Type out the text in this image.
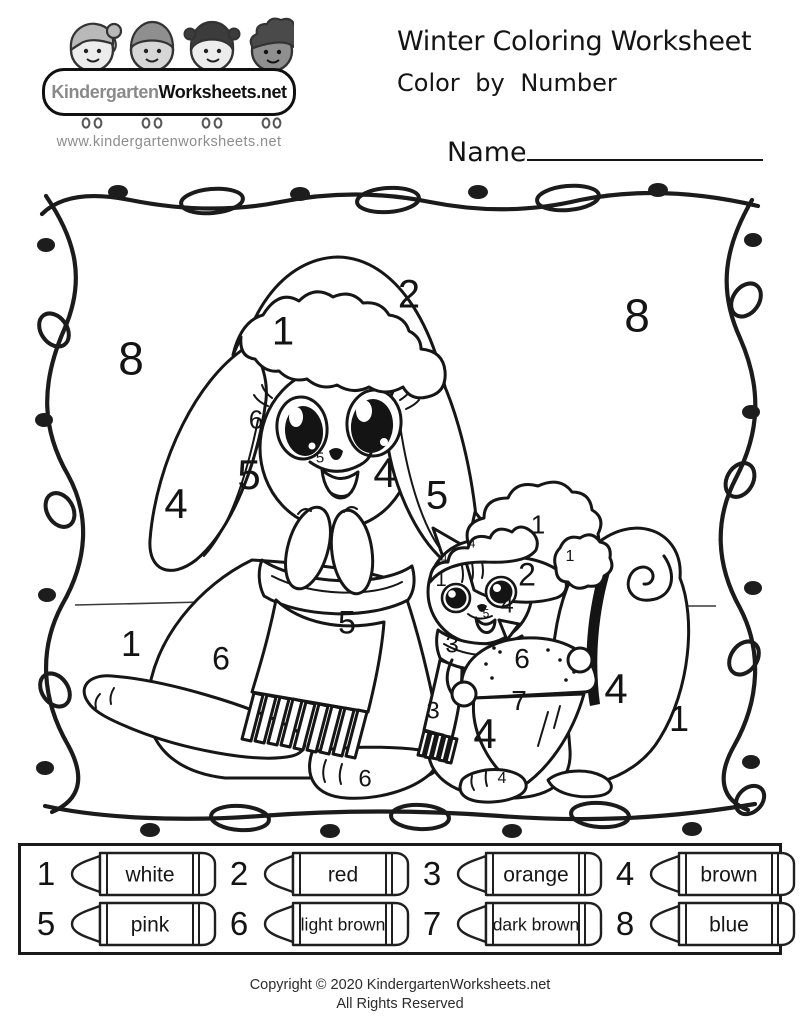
Kindergarten Worksheets.net
www.kindergartenworksheets.net
Winter Coloring Worksheet
Color by Number
Name
8
8
1
1
2
1
6
5
5	4
4	5
5
6
6
1
1
2
4
4
1
4
5
3 6
7
3 4
4
4
1	white 2	red 3	orange 4	brown
5	pink 6	light brown 7	dark brown 8	blue
Copyright © 2020 KindergartenWorksheets.net
All Rights Reserved
